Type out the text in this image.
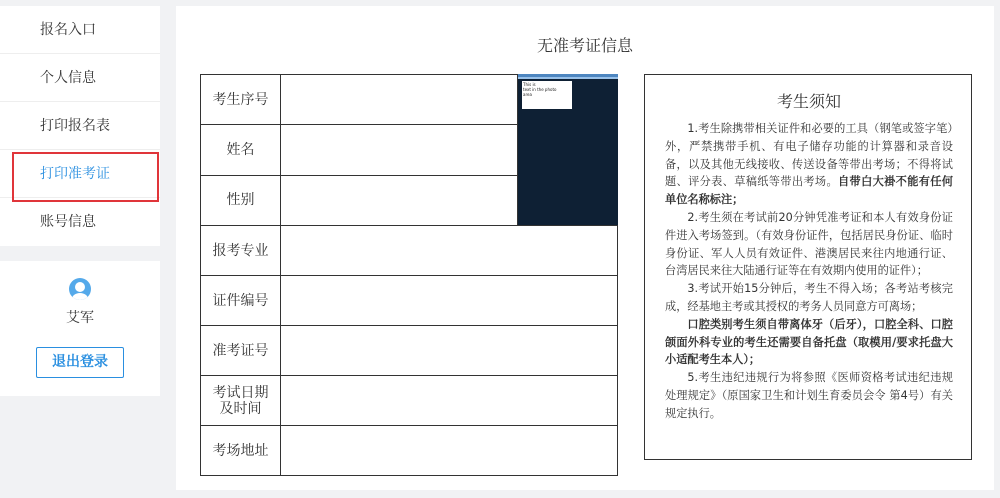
报名入口
个人信息
打印报名表
打印准考证
账号信息
艾军
退出登录
无准考证信息
考生序号		This is
text in the photo
area

姓名		
性别		
报考专业		
证件编号		
准考证号		
考试日期
及时间		
考场地址		
考生须知

1.考生除携带相关证件和必要的工具（钢笔或签字笔）外，严禁携带手机、有电子储存功能的计算器和录音设备，以及其他无线接收、传送设备等带出考场；不得将试题、评分表、草稿纸等带出考场。自带白大褂不能有任何单位名称标注；

2.考生须在考试前20分钟凭准考证和本人有效身份证件进入考场签到。（有效身份证件，包括居民身份证、临时身份证、军人人员有效证件、港澳居民来往内地通行证、台湾居民来往大陆通行证等在有效期内使用的证件）；

3.考试开始15分钟后，考生不得入场；各考站考核完成，经基地主考或其授权的考务人员同意方可离场；

口腔类别考生须自带离体牙（后牙），口腔全科、口腔颌面外科专业的考生还需要自备托盘（取模用/要求托盘大小适配考生本人）；

5.考生违纪违规行为将参照《医师资格考试违纪违规处理规定》（原国家卫生和计划生育委员会令 第4号）有关规定执行。
